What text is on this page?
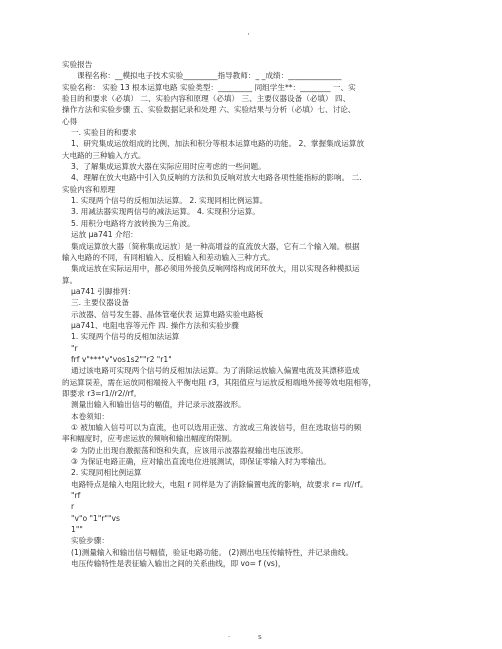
·
实验报告
课程名称：__模拟电子技术实验_________指导教师：_ _成绩：______________
实验名称： 实验 13 根本运算电路 实验类型：_________ 同组学生**：________ 一、实
验目的和要求（必填） 二、实验内容和原理（必填） 三、主要仪器设备（必填） 四、
操作方法和实验步骤 五、实验数据记录和处理 六、实验结果与分析（必填）七、讨论、
心得
一. 实验目的和要求
1、研究集成运放组成的比例、加法和积分等根本运算电路的功能。 2、掌握集成运算放
大电路的三种输入方式。
3、了解集成运算放大器在实际应用时应考虑的一些问题。
4、理解在放大电路中引入负反响的方法和负反响对放大电路各项性能指标的影响。 二.
实验内容和原理
1. 实现两个信号的反相加法运算。 2. 实现同相比例运算。
3. 用减法器实现两信号的减法运算。 4. 实现积分运算。
5. 用积分电路将方波转换为三角波。
运放 μa741 介绍：
集成运算放大器〔简称集成运放〕是一种高增益的直流放大器，它有二个输入端。根据
输入电路的不同，有同相输入、反相输入和差动输入三种方式。
集成运放在实际运用中，都必须用外接负反响网络构成闭环放大，用以实现各种模拟运
算。
μa741 引脚排列：
三. 主要仪器设备
示波器、信号发生器、晶体管毫伏表 运算电路实验电路板
μa741、电阻电容等元件 四. 操作方法和实验步骤
1. 实现两个信号的反相加法运算
"r
frf v"***"v"vos1s2""r2 "r1"
通过该电路可实现两个信号的反相加法运算。为了消除运放输入偏置电流及其漂移造成
的运算误差，需在运放同相端接入平衡电阻 r3，其阻值应与运放反相端地外接等效电阻相等，
即要求 r3=r1//r2//rf。
测量出输入和输出信号的幅值，并记录示波器波形。
本卷须知：
① 被加输入信号可以为直流，也可以选用正弦、方波或三角波信号，但在选取信号的频
率和幅度时，应考虑运放的频响和输出幅度的限制。
② 为防止出现自激振荡和饱和失真，应该用示波器监视输出电压波形。
③ 为保证电路正确，应对输出直流电位进展测试，即保证零输入时为零输出。
2. 实现同相比例运算
电路特点是输入电阻比较大，电阻 r 同样是为了消除偏置电流的影响，故要求 r= rl//rf。
"rf
r
"v"o "1"r""vs
1""
实验步骤：
(1)测量输入和输出信号幅值，验证电路功能。 (2)测出电压传输特性，并记录曲线。
电压传输特性是表征输入输出之间的关系曲线，即 vo= f (vs)，
·	s
